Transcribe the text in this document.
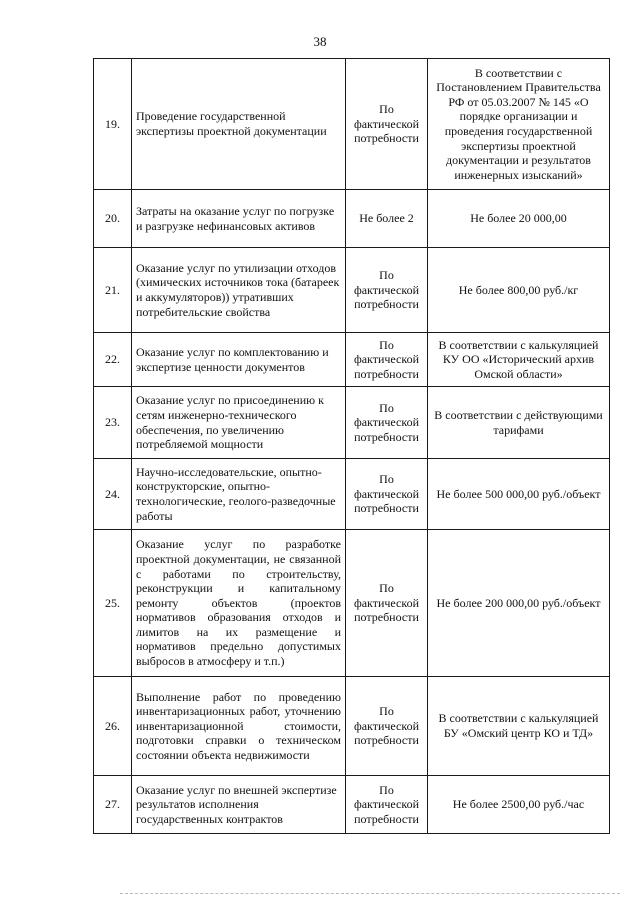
38
19.	Проведение государственной экспертизы проектной документации	По фактической потребности	В соответствии с Постановлением Правительства РФ от 05.03.2007 № 145 «О порядке организации и проведения государственной экспертизы проектной документации и результатов инженерных изысканий»
20.	Затраты на оказание услуг по погрузке и разгрузке нефинансовых активов	Не более 2	Не более 20 000,00
21.	Оказание услуг по утилизации отходов (химических источников тока (батареек и аккумуляторов)) утративших потребительские свойства	По фактической потребности	Не более 800,00 руб./кг
22.	Оказание услуг по комплектованию и экспертизе ценности документов	По фактической потребности	В соответствии с калькуляцией КУ ОО «Исторический архив Омской области»
23.	Оказание услуг по присоединению к сетям инженерно-технического обеспечения, по увеличению потребляемой мощности	По фактической потребности	В соответствии с действующими тарифами
24.	Научно-исследовательские, опытно-конструкторские, опытно-технологические, геолого-разведочные работы	По фактической потребности	Не более 500 000,00 руб./объект
25.	Оказание услуг по разработке проектной документации, не связанной с работами по строительству, реконструкции и капитальному ремонту объектов (проектов нормативов образования отходов и лимитов на их размещение и нормативов предельно допустимых выбросов в атмосферу и т.п.)	По фактической потребности	Не более 200 000,00 руб./объект
26.	Выполнение работ по проведению инвентаризационных работ, уточнению инвентаризационной стоимости, подготовки справки о техническом состоянии объекта недвижимости	По фактической потребности	В соответствии с калькуляцией БУ «Омский центр КО и ТД»
27.	Оказание услуг по внешней экспертизе результатов исполнения государственных контрактов	По фактической потребности	Не более 2500,00 руб./час
